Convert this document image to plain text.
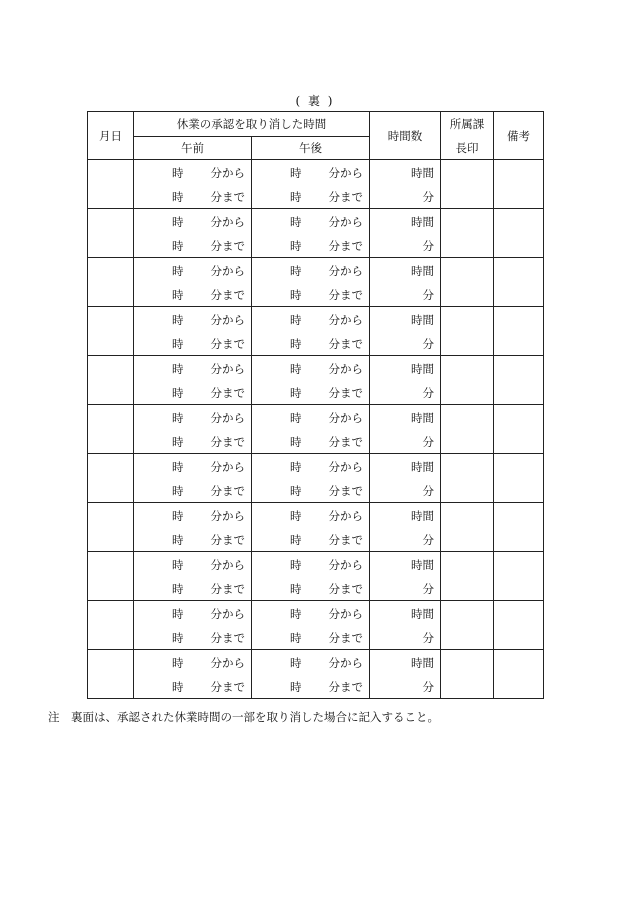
( 裏 )
月日	休業の承認を取り消した時間		時間数	所属課	備考
	午前	午後		長印	

	時 分から	時 分から	時間		

	時 分まで	時 分まで	分		

	時 分から	時 分から	時間		

	時 分まで	時 分まで	分		

	時 分から	時 分から	時間		

	時 分まで	時 分まで	分		

	時 分から	時 分から	時間		

	時 分まで	時 分まで	分		

	時 分から	時 分から	時間		

	時 分まで	時 分まで	分		

	時 分から	時 分から	時間		

	時 分まで	時 分まで	分		

	時 分から	時 分から	時間		

	時 分まで	時 分まで	分		

	時 分から	時 分から	時間		

	時 分まで	時 分まで	分		

	時 分から	時 分から	時間		

	時 分まで	時 分まで	分		

	時 分から	時 分から	時間		

	時 分まで	時 分まで	分		

	時 分から	時 分から	時間		

	時 分まで	時 分まで	分		
注　裏面は、承認された休業時間の一部を取り消した場合に記入すること。
